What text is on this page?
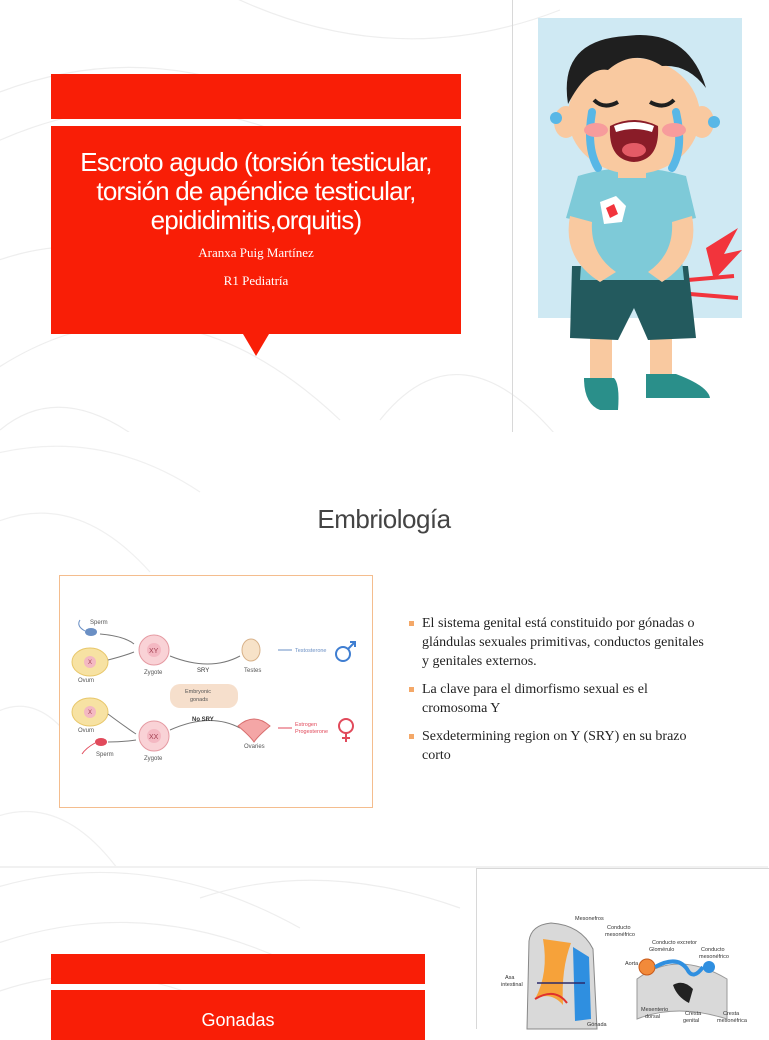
Escroto agudo (torsión testicular, torsión de apéndice testicular, epididimitis,orquitis)
Aranxa Puig Martínez
R1 Pediatría
Embriología
Sperm
X
Ovum
XY
Zygote	SRY	Testes
Testosterone
Embryonic
gonads
X
Ovum
Sperm
XX
Zygote
No SRY
Ovaries
Estrogen
Progesterone
El sistema genital está constituido por gónadas o glándulas sexuales primitivas, conductos genitales y genitales externos.
La clave para el dimorfismo sexual es el cromosoma Y
Sexdetermining region on Y (SRY) en su brazo corto
Gonadas
Mesonefros
Conducto
mesonéfrico
Asa
intestinal
Gónada
Conducto excretor
Glomérulo	Conducto
mesonéfrico
Aorta
Mesenterio
dorsal	Cresta
genital
Cresta
mesonéfrica
